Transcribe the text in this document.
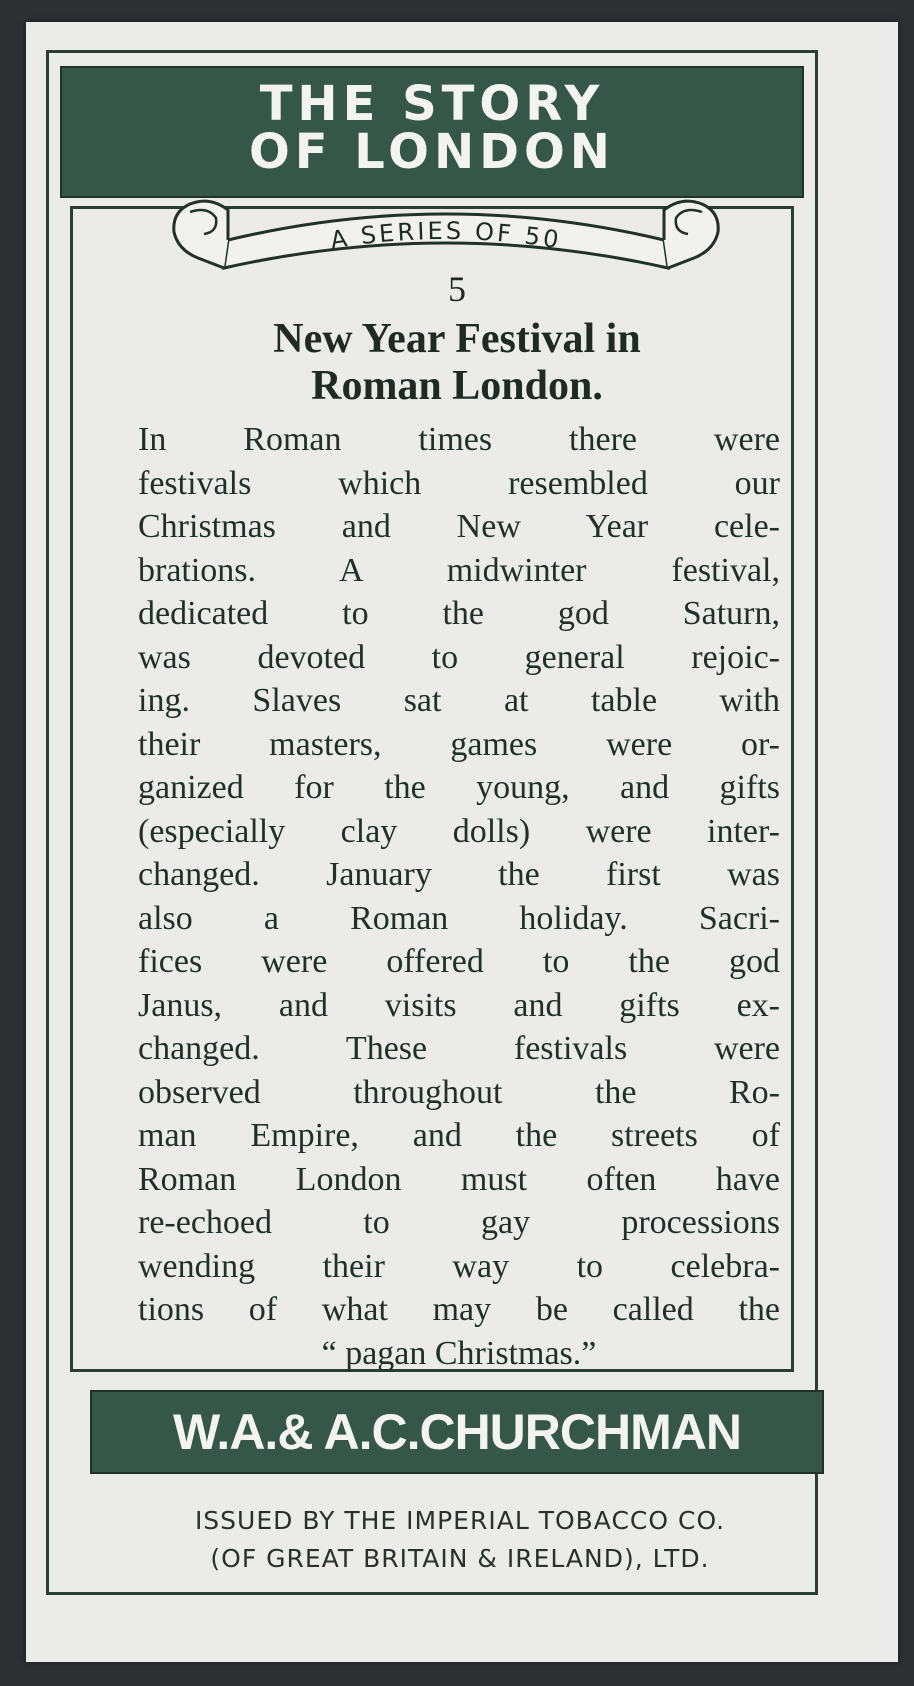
THE STORY
OF LONDON
A SERIES OF 50
5
New Year Festival in
Roman London.
In Roman times there were
festivals which resembled our
Christmas and New Year cele-
brations. A midwinter festival,
dedicated to the god Saturn,
was devoted to general rejoic-
ing. Slaves sat at table with
their masters, games were or-
ganized for the young, and gifts
(especially clay dolls) were inter-
changed. January the first was
also a Roman holiday. Sacri-
fices were offered to the god
Janus, and visits and gifts ex-
changed. These festivals were
observed throughout the Ro-
man Empire, and the streets of
Roman London must often have
re-echoed to gay processions
wending their way to celebra-
tions of what may be called the
“ pagan Christmas.”
W.A.& A.C.CHURCHMAN
ISSUED BY THE IMPERIAL TOBACCO CO.
(OF GREAT BRITAIN & IRELAND), LTD.
